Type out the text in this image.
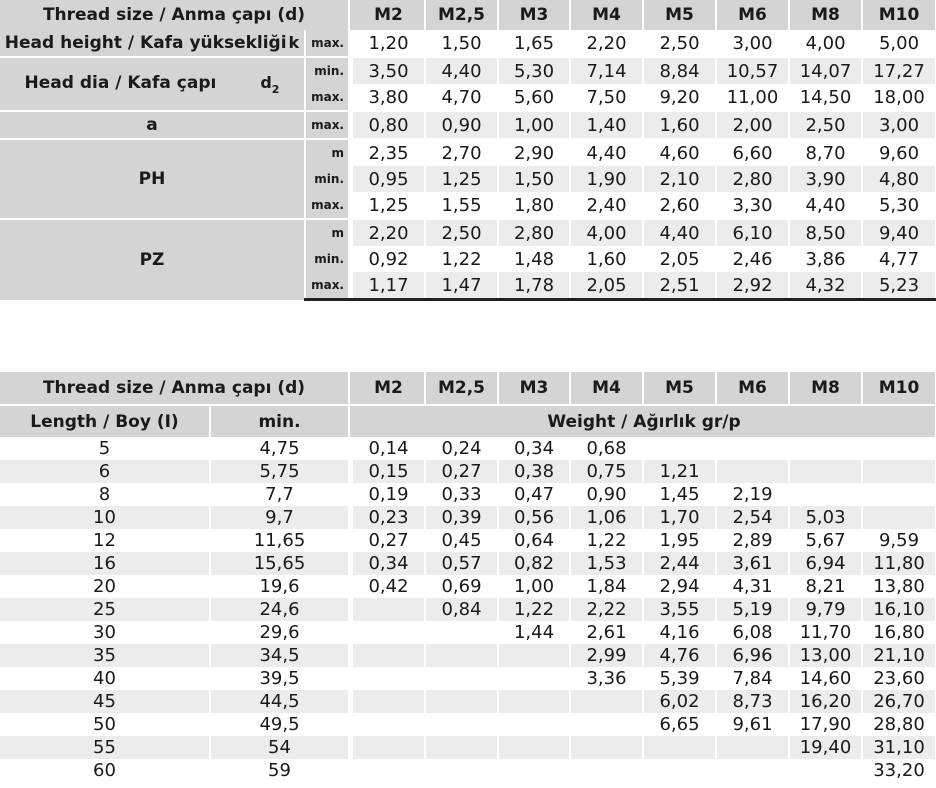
Thread size / Anma çapı (d)			M2	M2,5	M3	M4	M5	M6	M8	M10
Head height / Kafa yüksekliği k	max.		1,20	1,50	1,65	2,20	2,50	3,00	4,00	5,00
Head dia / Kafa çapı $d_2$	min.		3,50	4,40	5,30	7,14	8,84	10,57	14,07	17,27
	max.		3,80	4,70	5,60	7,50	9,20	11,00	14,50	18,00
a	max.		0,80	0,90	1,00	1,40	1,60	2,00	2,50	3,00
PH	m		2,35	2,70	2,90	4,40	4,60	6,60	8,70	9,60
	min.		0,95	1,25	1,50	1,90	2,10	2,80	3,90	4,80
	max.		1,25	1,55	1,80	2,40	2,60	3,30	4,40	5,30
PZ	m		2,20	2,50	2,80	4,00	4,40	6,10	8,50	9,40
	min.		0,92	1,22	1,48	1,60	2,05	2,46	3,86	4,77
	max.		1,17	1,47	1,78	2,05	2,51	2,92	4,32	5,23
Thread size / Anma çapı (d)			M2	M2,5	M3	M4	M5	M6	M8	M10
Length / Boy (I)	min.		Weight / Ağırlık gr/p							
5	4,75		0,14	0,24	0,34	0,68				
6	5,75		0,15	0,27	0,38	0,75	1,21			
8	7,7		0,19	0,33	0,47	0,90	1,45	2,19		
10	9,7		0,23	0,39	0,56	1,06	1,70	2,54	5,03	
12	11,65		0,27	0,45	0,64	1,22	1,95	2,89	5,67	9,59
16	15,65		0,34	0,57	0,82	1,53	2,44	3,61	6,94	11,80
20	19,6		0,42	0,69	1,00	1,84	2,94	4,31	8,21	13,80
25	24,6			0,84	1,22	2,22	3,55	5,19	9,79	16,10
30	29,6				1,44	2,61	4,16	6,08	11,70	16,80
35	34,5					2,99	4,76	6,96	13,00	21,10
40	39,5					3,36	5,39	7,84	14,60	23,60
45	44,5						6,02	8,73	16,20	26,70
50	49,5						6,65	9,61	17,90	28,80
55	54								19,40	31,10
60	59									33,20
